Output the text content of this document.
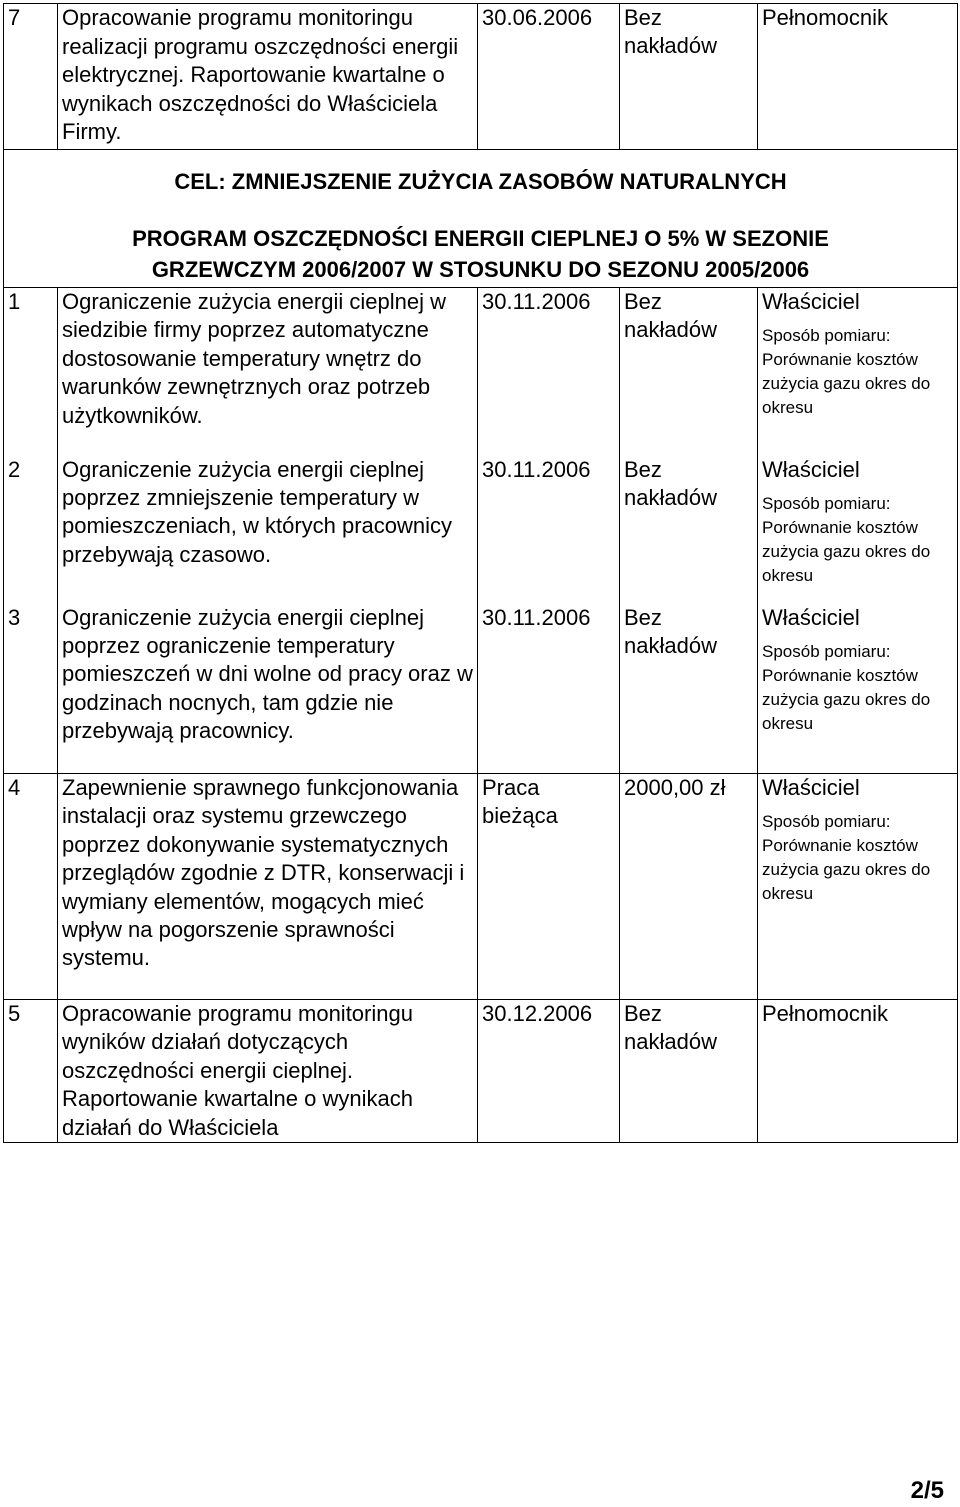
7	Opracowanie programu monitoringu realizacji programu oszczędności energii elektrycznej. Raportowanie kwartalne o wynikach oszczędności do Właściciela Firmy.	30.06.2006	Bez nakładów	Pełnomocnik

CEL: ZMNIEJSZENIE ZUŻYCIA ZASOBÓW NATURALNYCH
PROGRAM OSZCZĘDNOŚCI ENERGII CIEPLNEJ O 5% W SEZONIE
GRZEWCZYM 2006/2007 W STOSUNKU DO SEZONU 2005/2006				

1	Ograniczenie zużycia energii cieplnej w siedzibie firmy poprzez automatyczne dostosowanie temperatury wnętrz do warunków zewnętrznych oraz potrzeb użytkowników.	30.11.2006	Bez nakładów	Właściciel
Sposób pomiaru: Porównanie kosztów zużycia gazu okres do okresu

2	Ograniczenie zużycia energii cieplnej poprzez zmniejszenie temperatury w pomieszczeniach, w których pracownicy przebywają czasowo.	30.11.2006	Bez nakładów	Właściciel
Sposób pomiaru: Porównanie kosztów zużycia gazu okres do okresu

3	Ograniczenie zużycia energii cieplnej poprzez ograniczenie temperatury pomieszczeń w dni wolne od pracy oraz w godzinach nocnych, tam gdzie nie przebywają pracownicy.	30.11.2006	Bez nakładów	Właściciel
Sposób pomiaru: Porównanie kosztów zużycia gazu okres do okresu

4	Zapewnienie sprawnego funkcjonowania instalacji oraz systemu grzewczego poprzez dokonywanie systematycznych przeglądów zgodnie z DTR, konserwacji i wymiany elementów, mogących mieć wpływ na pogorszenie sprawności systemu.	Praca bieżąca	2000,00 zł	Właściciel
Sposób pomiaru: Porównanie kosztów zużycia gazu okres do okresu

5	Opracowanie programu monitoringu wyników działań dotyczących oszczędności energii cieplnej. Raportowanie kwartalne o wynikach działań do Właściciela	30.12.2006	Bez nakładów	Pełnomocnik
2/5
